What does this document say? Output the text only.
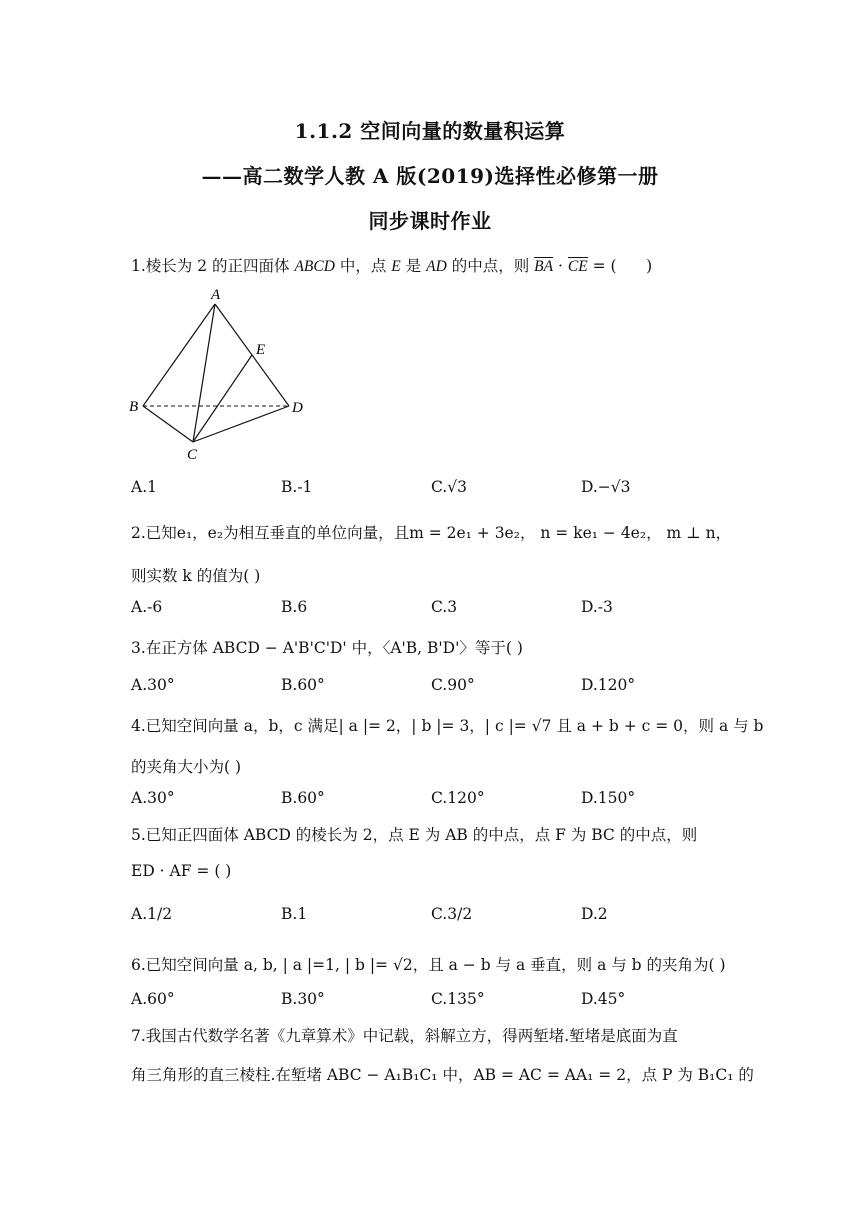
1.1.2 空间向量的数量积运算
——高二数学人教 A 版(2019)选择性必修第一册
同步课时作业
1.棱长为 2 的正四面体 ABCD 中，点 E 是 AD 的中点，则 BA · CE = (      )
A
B
C
D
E
A.1	B.-1	C.√3	D.−√3
2.已知e₁，e₂为相互垂直的单位向量，且m = 2e₁ + 3e₂， n = ke₁ − 4e₂， m ⊥ n，
则实数 k 的值为( )
A.-6	B.6	C.3	D.-3
3.在正方体 ABCD − A'B'C'D' 中，〈A'B, B'D'〉等于( )
A.30°	B.60°	C.90°	D.120°
4.已知空间向量 a，b，c 满足| a |= 2，| b |= 3，| c |= √7 且 a + b + c = 0，则 a 与 b
的夹角大小为( )
A.30°	B.60°	C.120°	D.150°
5.已知正四面体 ABCD 的棱长为 2，点 E 为 AB 的中点，点 F 为 BC 的中点，则
ED · AF = ( )
A.1/2	B.1	C.3/2	D.2
6.已知空间向量 a, b, | a |=1, | b |= √2，且 a − b 与 a 垂直，则 a 与 b 的夹角为( )
A.60°	B.30°	C.135°	D.45°
7.我国古代数学名著《九章算术》中记载，斜解立方，得两堑堵.堑堵是底面为直
角三角形的直三棱柱.在堑堵 ABC − A₁B₁C₁ 中，AB = AC = AA₁ = 2，点 P 为 B₁C₁ 的
